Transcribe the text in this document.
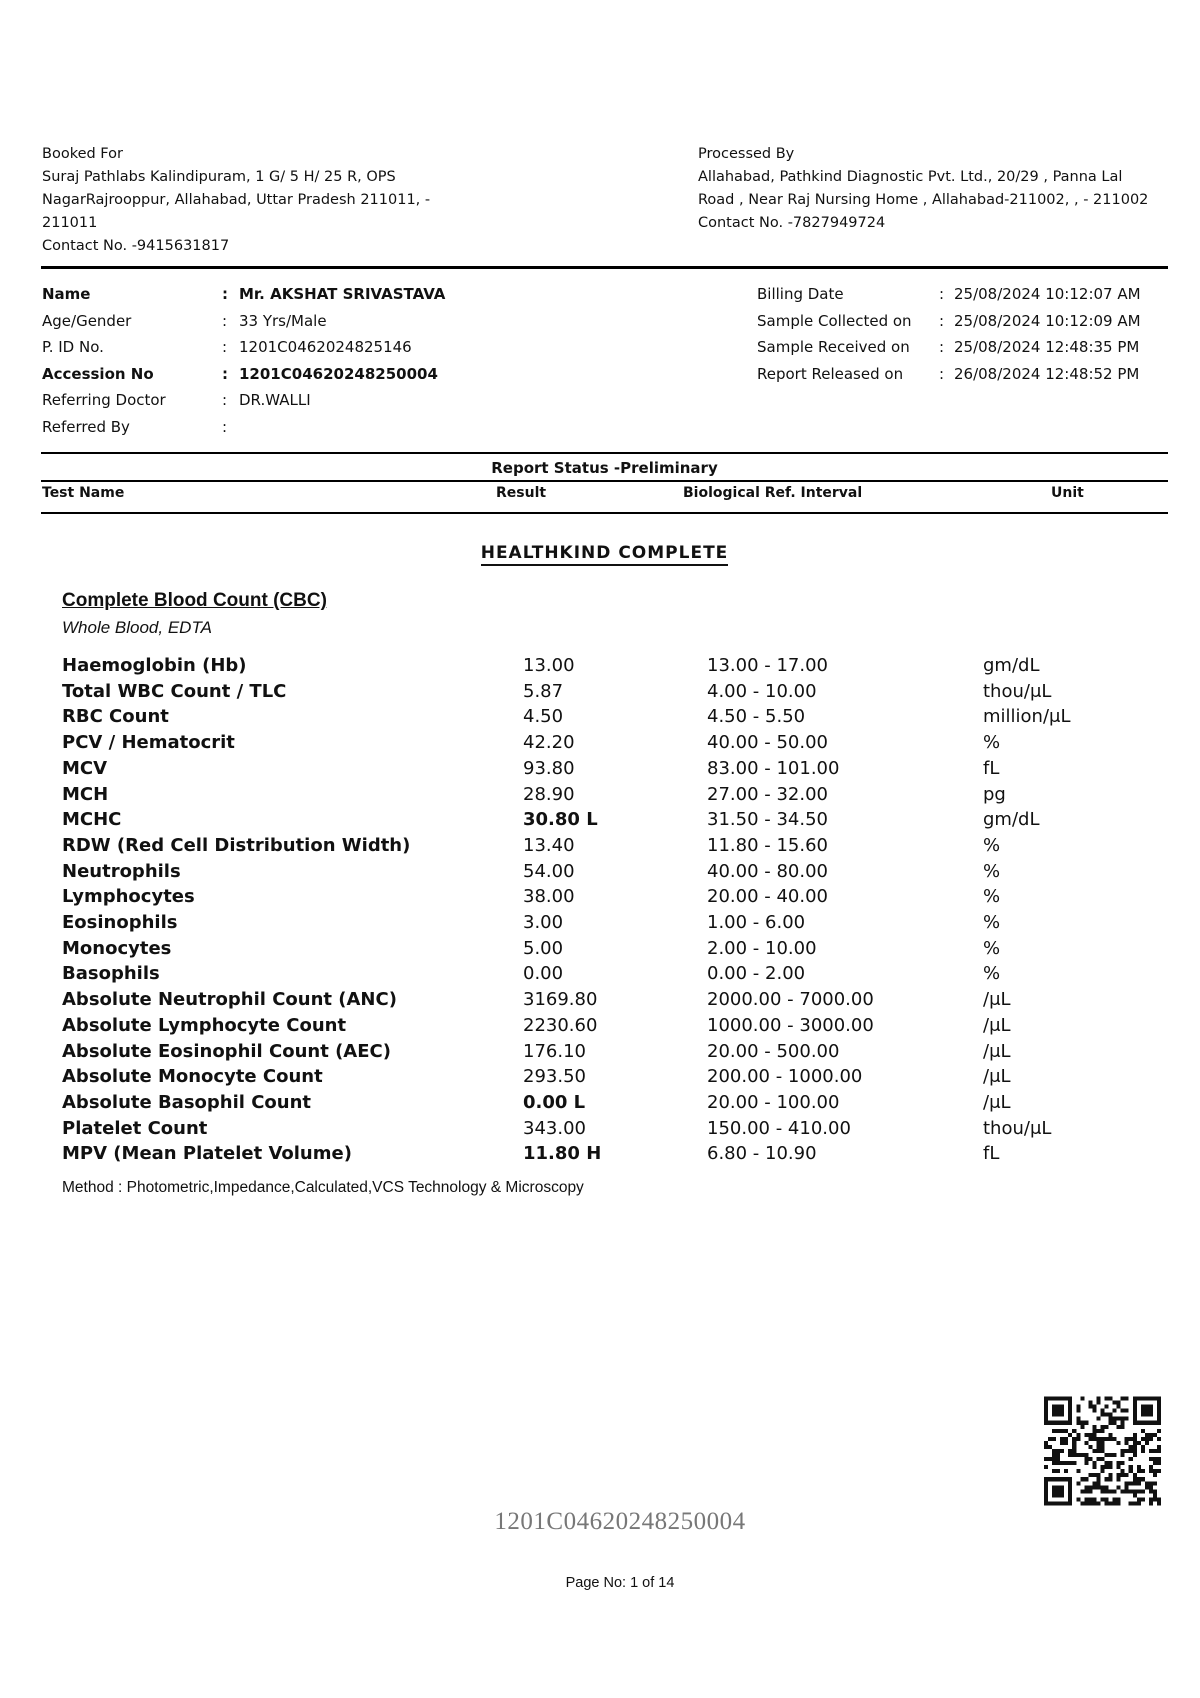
Booked For
Suraj Pathlabs Kalindipuram, 1 G/ 5 H/ 25 R, OPS
NagarRajrooppur, Allahabad, Uttar Pradesh 211011, -
211011
Contact No. -9415631817
Processed By
Allahabad, Pathkind Diagnostic Pvt. Ltd., 20/29 , Panna Lal
Road , Near Raj Nursing Home , Allahabad-211002, , - 211002
Contact No. -7827949724
Name	: Mr. AKSHAT SRIVASTAVA
Age/Gender	: 33 Yrs/Male
P. ID No.	: 1201C0462024825146
Accession No	: 1201C04620248250004
Referring Doctor	: DR.WALLI
Referred By	:
Billing Date	: 25/08/2024 10:12:07 AM
Sample Collected on : 25/08/2024 10:12:09 AM
Sample Received on : 25/08/2024 12:48:35 PM
Report Released on : 26/08/2024 12:48:52 PM
Report Status -Preliminary
Test Name	Result	Biological Ref. Interval	Unit
HEALTHKIND COMPLETE
Complete Blood Count (CBC)
Whole Blood, EDTA
Haemoglobin (Hb)	13.00	13.00 - 17.00	gm/dL
Total WBC Count / TLC	5.87	4.00 - 10.00	thou/μL
RBC Count	4.50	4.50 - 5.50	million/μL
PCV / Hematocrit	42.20	40.00 - 50.00	%
MCV	93.80	83.00 - 101.00	fL
MCH	28.90	27.00 - 32.00	pg
MCHC	30.80 L	31.50 - 34.50	gm/dL
RDW (Red Cell Distribution Width)	13.40	11.80 - 15.60	%
Neutrophils	54.00	40.00 - 80.00	%
Lymphocytes	38.00	20.00 - 40.00	%
Eosinophils	3.00	1.00 - 6.00	%
Monocytes	5.00	2.00 - 10.00	%
Basophils	0.00	0.00 - 2.00	%
Absolute Neutrophil Count (ANC)	3169.80	2000.00 - 7000.00	/μL
Absolute Lymphocyte Count	2230.60	1000.00 - 3000.00	/μL
Absolute Eosinophil Count (AEC)	176.10	20.00 - 500.00	/μL
Absolute Monocyte Count	293.50	200.00 - 1000.00	/μL
Absolute Basophil Count	0.00 L	20.00 - 100.00	/μL
Platelet Count	343.00	150.00 - 410.00	thou/μL
MPV (Mean Platelet Volume)	11.80 H	6.80 - 10.90	fL
Method : Photometric,Impedance,Calculated,VCS Technology & Microscopy
1201C04620248250004
Page No: 1 of 14
